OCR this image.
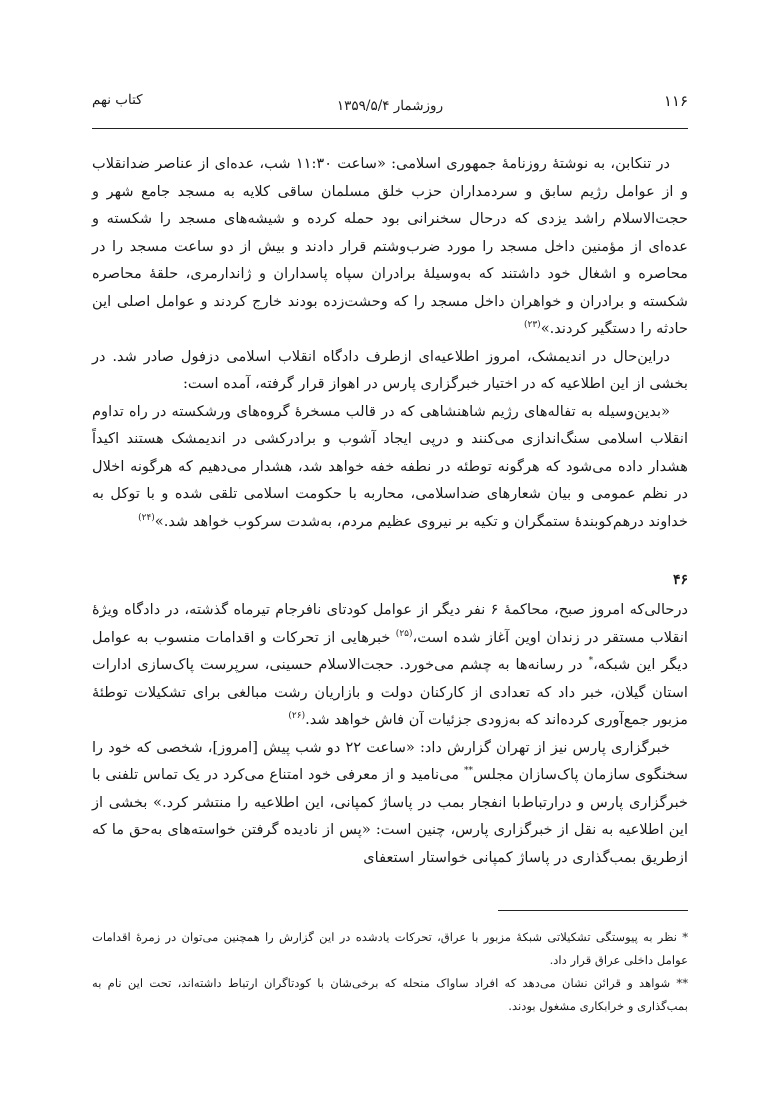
۱۱۶
روزشمار ۱۳۵۹/۵/۴
کتاب نهم

در تنکابن، به نوشتهٔ روزنامهٔ جمهوری اسلامی: «ساعت ۱۱:۳۰ شب، عده‌ای از عناصر ضدانقلاب و از عوامل رژیم سابق و سردمداران حزب خلق مسلمان ساقی کلایه به مسجد جامع شهر و حجت‌الاسلام راشد یزدی که درحال سخنرانی بود حمله کرده و شیشه‌های مسجد را شکسته و عده‌ای از مؤمنین داخل مسجد را مورد ضرب‌وشتم قرار دادند و بیش از دو ساعت مسجد را در محاصره و اشغال خود داشتند که به‌وسیلهٔ برادران سپاه پاسداران و ژاندارمری، حلقهٔ محاصره شکسته و برادران و خواهران داخل مسجد را که وحشت‌زده بودند خارج کردند و عوامل اصلی این حادثه را دستگیر کردند.»$^{(۲۳)}$

دراین‌حال در اندیمشک، امروز اطلاعیه‌ای ازطرف دادگاه انقلاب اسلامی دزفول صادر شد. در بخشی از این اطلاعیه که در اختیار خبرگزاری پارس در اهواز قرار گرفته، آمده است:

«بدین‌وسیله به تفاله‌های رژیم شاهنشاهی که در قالب مسخرهٔ گروه‌های ورشکسته در راه تداوم انقلاب اسلامی سنگ‌اندازی می‌کنند و درپی ایجاد آشوب و برادرکشی در اندیمشک هستند اکیداً هشدار داده می‌شود که هرگونه توطئه در نطفه خفه خواهد شد، هشدار می‌دهیم که هرگونه اخلال در نظم عمومی و بیان شعارهای ضداسلامی، محاربه با حکومت اسلامی تلقی شده و با توکل به خداوند درهم‌کوبندهٔ ستمگران و تکیه بر نیروی عظیم مردم، به‌شدت سرکوب خواهد شد.»$^{(۲۴)}$

۴۶

درحالی‌که امروز صبح، محاکمهٔ ۶ نفر دیگر از عوامل کودتای نافرجام تیرماه گذشته، در دادگاه ویژهٔ انقلاب مستقر در زندان اوین آغاز شده است،$^{(۲۵)}$ خبرهایی از تحرکات و اقدامات منسوب به عوامل دیگر این شبکه،* در رسانه‌ها به چشم می‌خورد. حجت‌الاسلام حسینی، سرپرست پاک‌سازی ادارات استان گیلان، خبر داد که تعدادی از کارکنان دولت و بازاریان رشت مبالغی برای تشکیلات توطئهٔ مزبور جمع‌آوری کرده‌اند که به‌زودی جزئیات آن فاش خواهد شد.$^{(۲۶)}$

خبرگزاری پارس نیز از تهران گزارش داد: «ساعت ۲۲ دو شب پیش [امروز]، شخصی که خود را سخنگوی سازمان پاک‌سازان مجلس** می‌نامید و از معرفی خود امتناع می‌کرد در یک تماس تلفنی با خبرگزاری پارس و درارتباط‌با انفجار بمب در پاساژ کمپانی، این اطلاعیه را منتشر کرد.» بخشی از این اطلاعیه به نقل از خبرگزاری پارس، چنین است: «پس از نادیده گرفتن خواسته‌های به‌حق ما که ازطریق بمب‌گذاری در پاساژ کمپانی خواستار استعفای

* نظر به پیوستگی تشکیلاتی شبکهٔ مزبور با عراق، تحرکات یادشده در این گزارش را همچنین می‌توان در زمرهٔ اقدامات عوامل داخلی عراق قرار داد.

** شواهد و قرائن نشان می‌دهد که افراد ساواک منحله که برخی‌شان با کودتاگران ارتباط داشته‌اند، تحت این نام به بمب‌گذاری و خرابکاری مشغول بودند.
